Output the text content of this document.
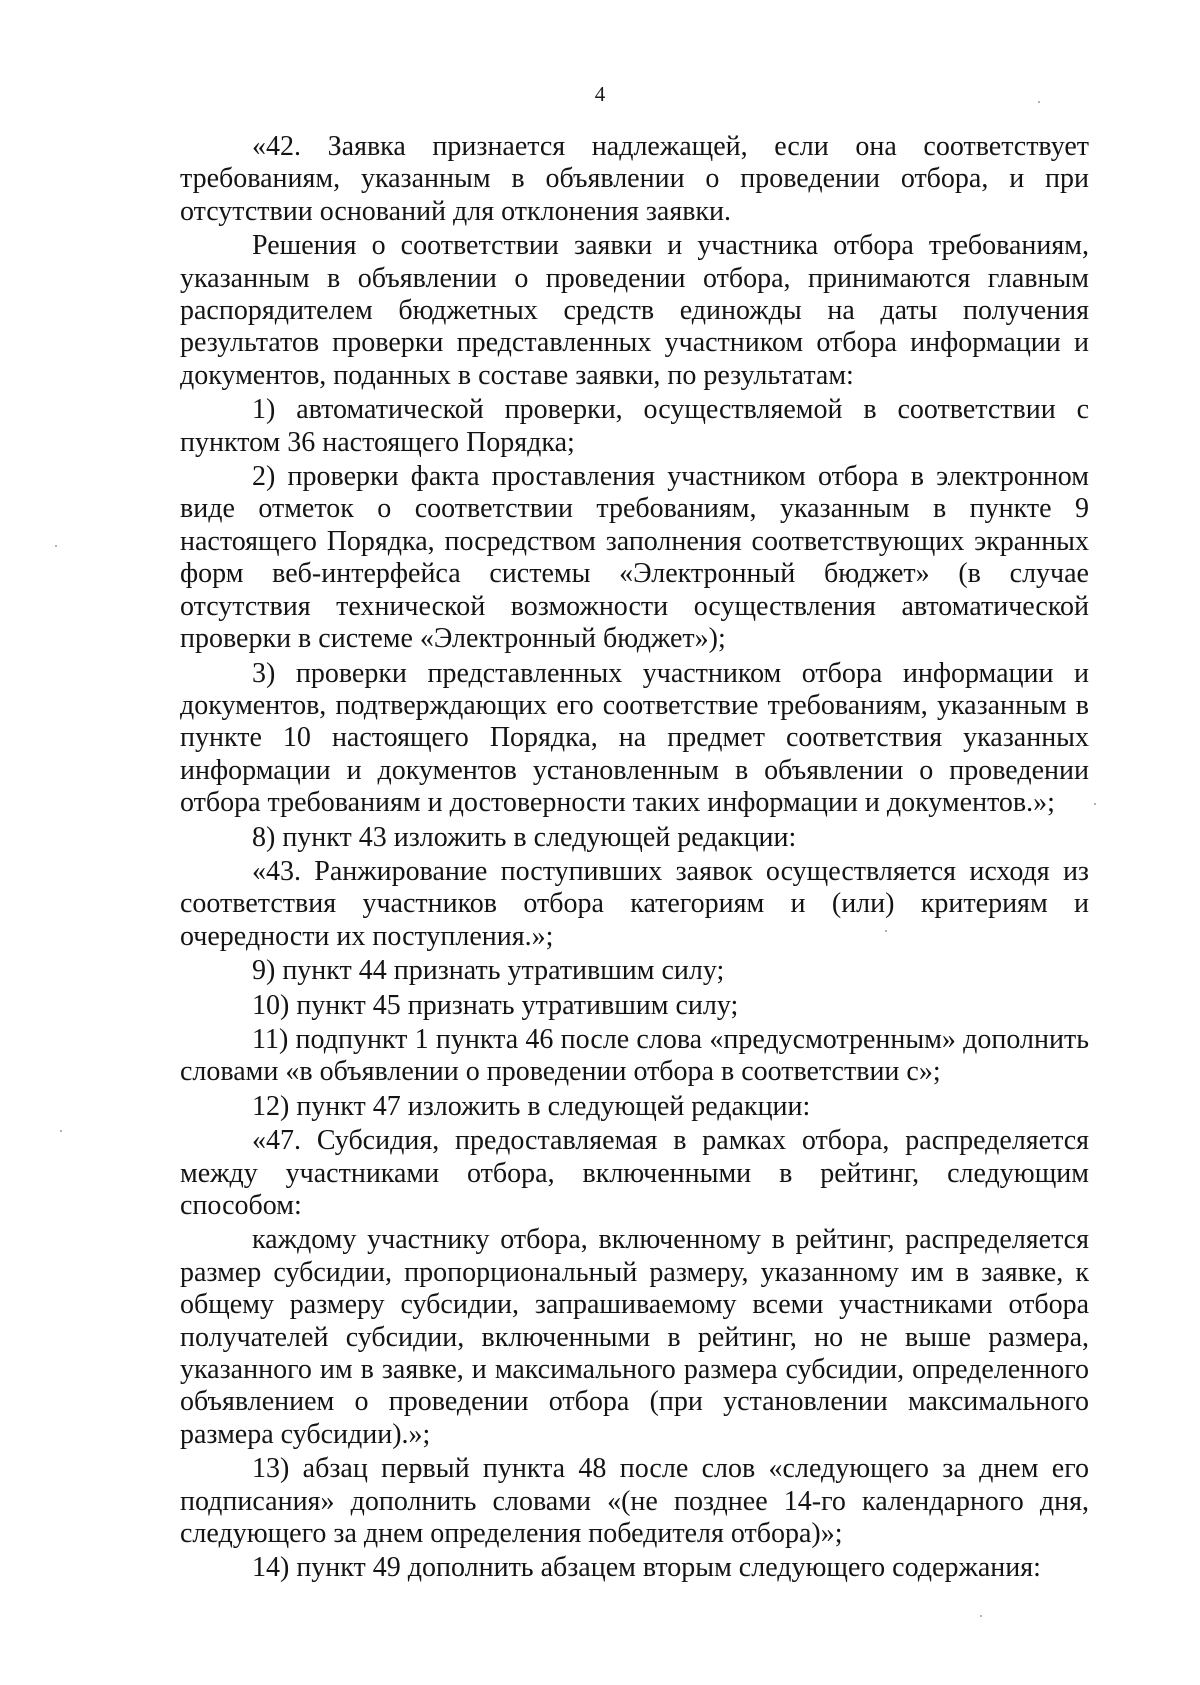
4

«42. Заявка признается надлежащей, если она соответствует требованиям, указанным в объявлении о проведении отбора, и при отсутствии оснований для отклонения заявки.

Решения о соответствии заявки и участника отбора требованиям, указанным в объявлении о проведении отбора, принимаются главным распорядителем бюджетных средств единожды на даты получения результатов проверки представленных участником отбора информации и документов, поданных в составе заявки, по результатам:

1) автоматической проверки, осуществляемой в соответствии с пунктом 36 настоящего Порядка;

2) проверки факта проставления участником отбора в электронном виде отметок о соответствии требованиям, указанным в пункте 9 настоящего Порядка, посредством заполнения соответствующих экранных форм веб-интерфейса системы «Электронный бюджет» (в случае отсутствия технической возможности осуществления автоматической проверки в системе «Электронный бюджет»);

3) проверки представленных участником отбора информации и документов, подтверждающих его соответствие требованиям, указанным в пункте 10 настоящего Порядка, на предмет соответствия указанных информации и документов установленным в объявлении о проведении отбора требованиям и достоверности таких информации и документов.»;

8) пункт 43 изложить в следующей редакции:

«43. Ранжирование поступивших заявок осуществляется исходя из соответствия участников отбора категориям и (или) критериям и очередности их поступления.»;

9) пункт 44 признать утратившим силу;

10) пункт 45 признать утратившим силу;

11) подпункт 1 пункта 46 после слова «предусмотренным» дополнить словами «в объявлении о проведении отбора в соответствии с»;

12) пункт 47 изложить в следующей редакции:

«47. Субсидия, предоставляемая в рамках отбора, распределяется между участниками отбора, включенными в рейтинг, следующим способом:

каждому участнику отбора, включенному в рейтинг, распределяется размер субсидии, пропорциональный размеру, указанному им в заявке, к общему размеру субсидии, запрашиваемому всеми участниками отбора получателей субсидии, включенными в рейтинг, но не выше размера, указанного им в заявке, и максимального размера субсидии, определенного объявлением о проведении отбора (при установлении максимального размера субсидии).»;

13) абзац первый пункта 48 после слов «следующего за днем его подписания» дополнить словами «(не позднее 14-го календарного дня, следующего за днем определения победителя отбора)»;

14) пункт 49 дополнить абзацем вторым следующего содержания:
